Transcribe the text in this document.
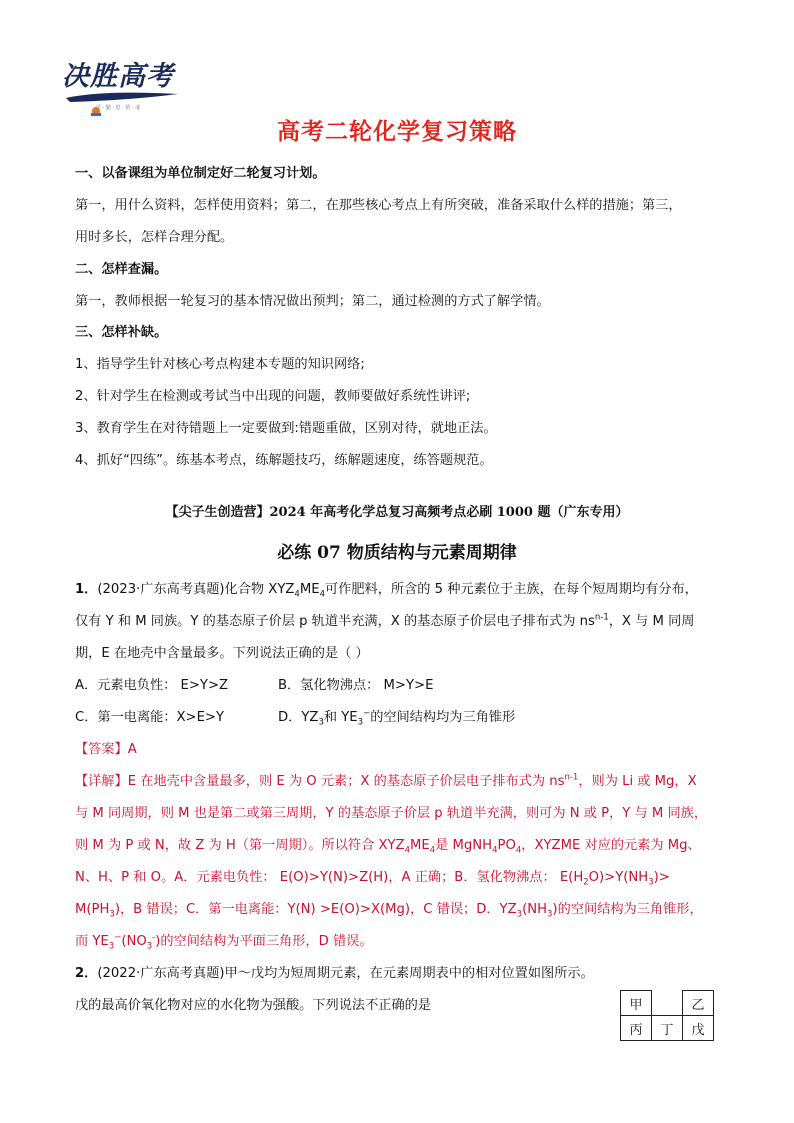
决胜高考
学 · 勤 · 思 · 悟 · 成
高考二轮化学复习策略
一、以备课组为单位制定好二轮复习计划。
第一，用什么资料，怎样使用资料；第二，在那些核心考点上有所突破，准备采取什么样的措施；第三，
用时多长，怎样合理分配。
二、怎样查漏。
第一，教师根据一轮复习的基本情况做出预判；第二，通过检测的方式了解学情。
三、怎样补缺。
1、指导学生针对核心考点构建本专题的知识网络;
2、针对学生在检测或考试当中出现的问题，教师要做好系统性讲评;
3、教育学生在对待错题上一定要做到:错题重做，区别对待，就地正法。
4、抓好“四练”。练基本考点，练解题技巧，练解题速度，练答题规范。
【尖子生创造营】2024 年高考化学总复习高频考点必刷 1000 题（广东专用）
必练 07 物质结构与元素周期律
1．(2023·广东高考真题)化合物 $XYZ_4ME_4$可作肥料，所含的 5 种元素位于主族，在每个短周期均有分布，
仅有 Y 和 M 同族。Y 的基态原子价层 p 轨道半充满，X 的基态原子价层电子排布式为 $ns^{n-1}$，X 与 M 同周
期，E 在地壳中含量最多。下列说法正确的是（ ）
A．元素电负性： E>Y>Z	B．氢化物沸点： M>Y>E
C．第一电离能：X>E>Y	D．$YZ_3$和 $YE_3^-$的空间结构均为三角锥形
【答案】A
【详解】E 在地壳中含量最多，则 E 为 O 元素；X 的基态原子价层电子排布式为 $ns^{n-1}$，则为 Li 或 Mg，X
与 M 同周期，则 M 也是第二或第三周期，Y 的基态原子价层 p 轨道半充满，则可为 N 或 P，Y 与 M 同族，
则 M 为 P 或 N，故 Z 为 H（第一周期）。所以符合 $XYZ_4ME_4$是 $MgNH_4PO_4$，XYZME 对应的元素为 Mg、
N、H、P 和 O。A．元素电负性： E(O)>Y(N)>Z(H)，A 正确；B．氢化物沸点： $E(H_2O)>Y(NH_3)>$
$M(PH_3)$，B 错误；C．第一电离能：Y(N) >E(O)>X(Mg)，C 错误；D．$YZ_3(NH_3)$的空间结构为三角锥形，
而 $YE_3^-(NO_3^-)$的空间结构为平面三角形，D 错误。
2．(2022·广东高考真题)甲～戊均为短周期元素，在元素周期表中的相对位置如图所示。
戊的最高价氧化物对应的水化物为强酸。下列说法不正确的是	甲		乙
丙	丁	戊
